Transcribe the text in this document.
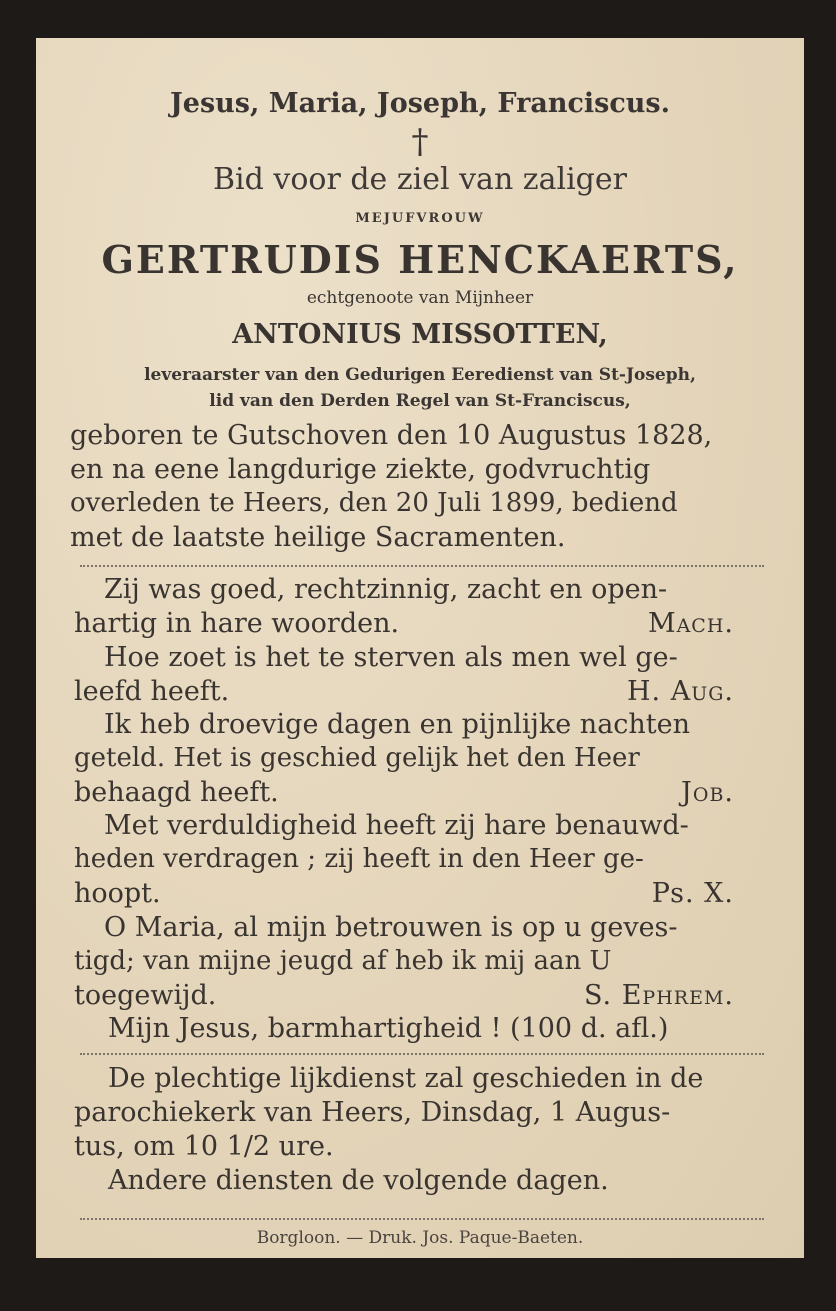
Jesus, Maria, Joseph, Franciscus.
†
Bid voor de ziel van zaliger
MEJUFVROUW
GERTRUDIS HENCKAERTS,
echtgenoote van Mijnheer
ANTONIUS MISSOTTEN,
leveraarster van den Gedurigen Eeredienst van St-Joseph,
lid van den Derden Regel van St-Franciscus,
geboren te Gutschoven den 10 Augustus 1828,
en na eene langdurige ziekte, godvruchtig
overleden te Heers, den 20 Juli 1899, bediend
met de laatste heilige Sacramenten.
Zij was goed, rechtzinnig, zacht en open-
hartig in hare woorden.	Mach.
Hoe zoet is het te sterven als men wel ge-
leefd heeft.	H. Aug.
Ik heb droevige dagen en pijnlijke nachten
geteld. Het is geschied gelijk het den Heer
behaagd heeft.	Job.
Met verduldigheid heeft zij hare benauwd-
heden verdragen ; zij heeft in den Heer ge-
hoopt.	Ps. X.
O Maria, al mijn betrouwen is op u geves-
tigd; van mijne jeugd af heb ik mij aan U
toegewijd.	S. Ephrem.
Mijn Jesus, barmhartigheid ! (100 d. afl.)
De plechtige lijkdienst zal geschieden in de
parochiekerk van Heers, Dinsdag, 1 Augus-
tus, om 10 1/2 ure.
Andere diensten de volgende dagen.
Borgloon. — Druk. Jos. Paque-Baeten.
